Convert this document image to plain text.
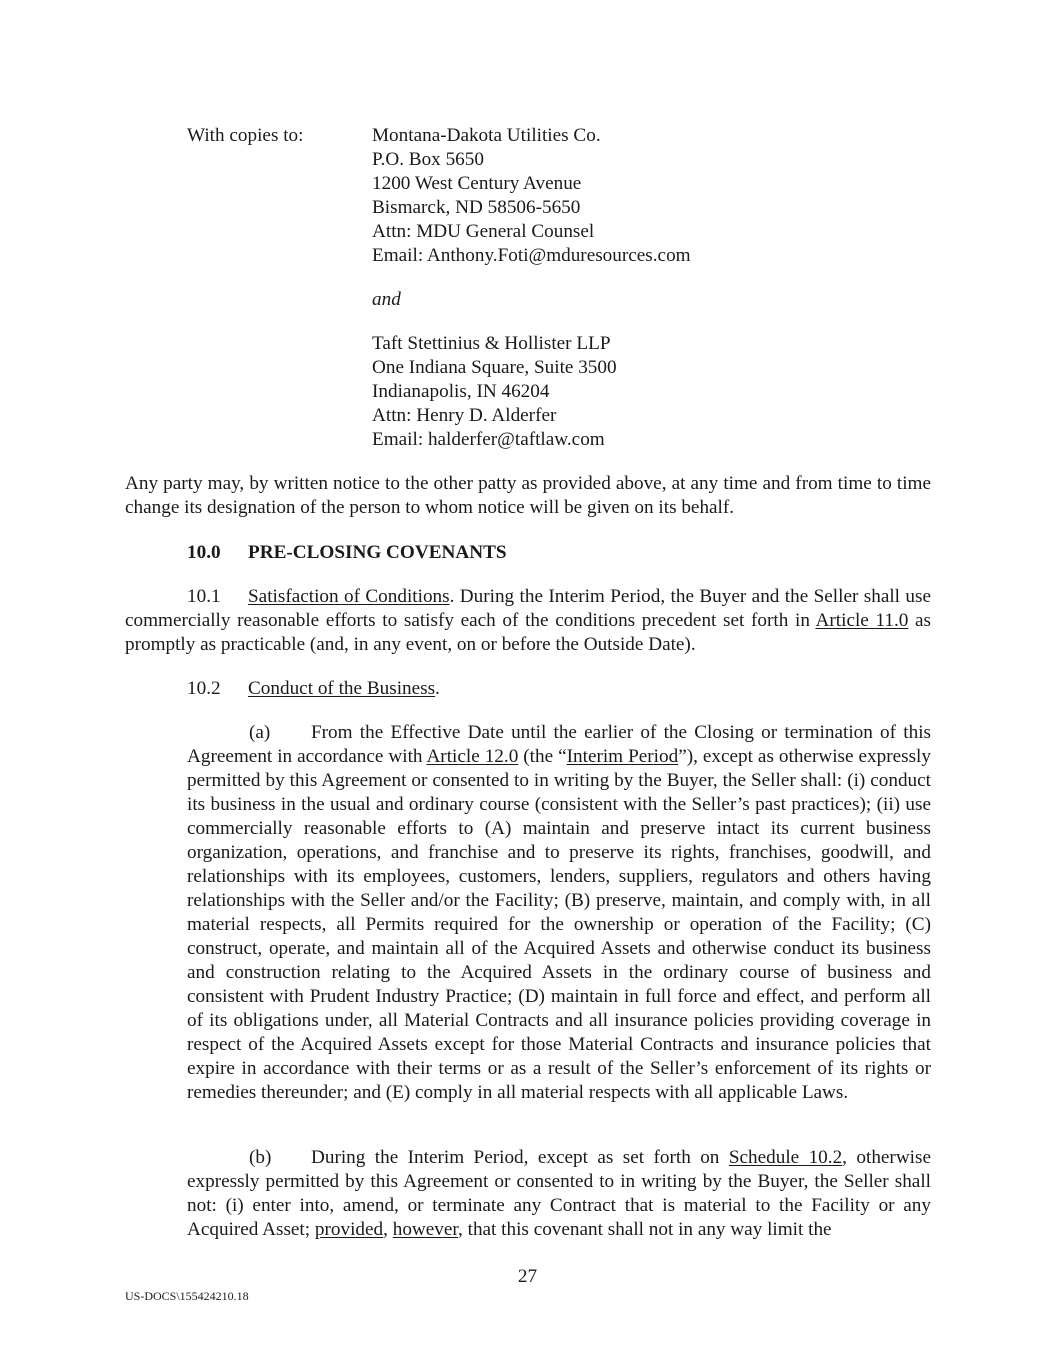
With copies to:	Montana-Dakota Utilities Co.
P.O. Box 5650
1200 West Century Avenue
Bismarck, ND 58506-5650
Attn: MDU General Counsel
Email: Anthony.Foti@mduresources.com
and
Taft Stettinius & Hollister LLP
One Indiana Square, Suite 3500
Indianapolis, IN 46204
Attn: Henry D. Alderfer
Email: halderfer@taftlaw.com
Any party may, by written notice to the other patty as provided above, at any time and from time to time change its designation of the person to whom notice will be given on its behalf.
10.0 PRE-CLOSING COVENANTS
10.1 Satisfaction of Conditions. During the Interim Period, the Buyer and the Seller shall use commercially reasonable efforts to satisfy each of the conditions precedent set forth in Article 11.0 as promptly as practicable (and, in any event, on or before the Outside Date).
10.2 Conduct of the Business.
(a) From the Effective Date until the earlier of the Closing or termination of this Agreement in accordance with Article 12.0 (the “Interim Period”), except as otherwise expressly permitted by this Agreement or consented to in writing by the Buyer, the Seller shall: (i) conduct its business in the usual and ordinary course (consistent with the Seller’s past practices); (ii) use commercially reasonable efforts to (A) maintain and preserve intact its current business organization, operations, and franchise and to preserve its rights, franchises, goodwill, and relationships with its employees, customers, lenders, suppliers, regulators and others having relationships with the Seller and/or the Facility; (B) preserve, maintain, and comply with, in all material respects, all Permits required for the ownership or operation of the Facility; (C) construct, operate, and maintain all of the Acquired Assets and otherwise conduct its business and construction relating to the Acquired Assets in the ordinary course of business and consistent with Prudent Industry Practice; (D) maintain in full force and effect, and perform all of its obligations under, all Material Contracts and all insurance policies providing coverage in respect of the Acquired Assets except for those Material Contracts and insurance policies that expire in accordance with their terms or as a result of the Seller’s enforcement of its rights or remedies thereunder; and (E) comply in all material respects with all applicable Laws.
(b) During the Interim Period, except as set forth on Schedule 10.2, otherwise expressly permitted by this Agreement or consented to in writing by the Buyer, the Seller shall not: (i) enter into, amend, or terminate any Contract that is material to the Facility or any Acquired Asset; provided, however, that this covenant shall not in any way limit the
27
US-DOCS\155424210.18
